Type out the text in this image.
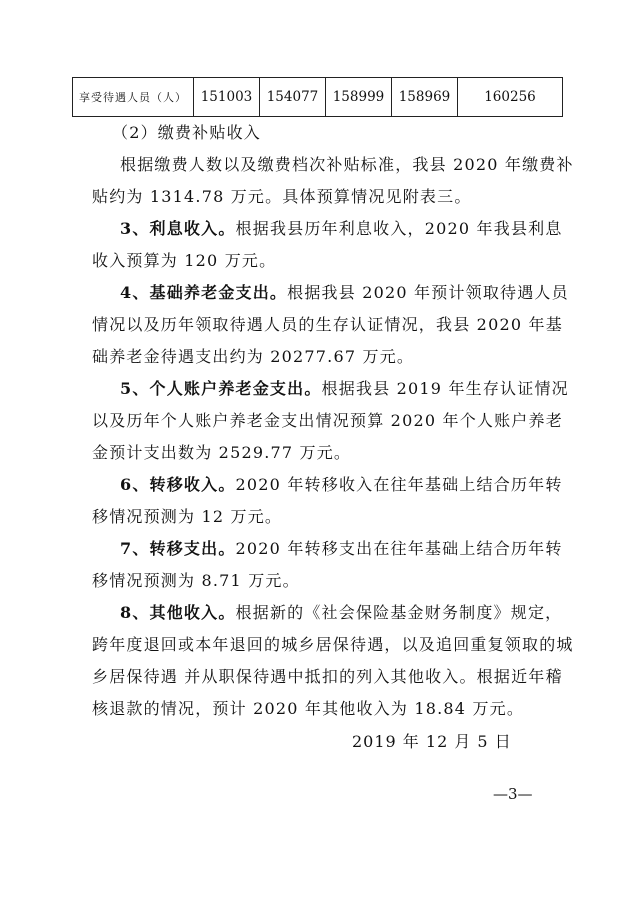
享受待遇人员（人）	151003	154077	158999	158969	160256
（2）缴费补贴收入

根据缴费人数以及缴费档次补贴标准，我县 2020 年缴费补贴约为 1314.78 万元。具体预算情况见附表三。

3、利息收入。根据我县历年利息收入，2020 年我县利息收入预算为 120 万元。

4、基础养老金支出。根据我县 2020 年预计领取待遇人员情况以及历年领取待遇人员的生存认证情况，我县 2020 年基础养老金待遇支出约为 20277.67 万元。

5、个人账户养老金支出。根据我县 2019 年生存认证情况以及历年个人账户养老金支出情况预算 2020 年个人账户养老金预计支出数为 2529.77 万元。

6、转移收入。2020 年转移收入在往年基础上结合历年转移情况预测为 12 万元。

7、转移支出。2020 年转移支出在往年基础上结合历年转移情况预测为 8.71 万元。

8、其他收入。根据新的《社会保险基金财务制度》规定，跨年度退回或本年退回的城乡居保待遇，以及追回重复领取的城乡居保待遇 并从职保待遇中抵扣的列入其他收入。根据近年稽核退款的情况，预计 2020 年其他收入为 18.84 万元。

2019 年 12 月 5 日
—3—
